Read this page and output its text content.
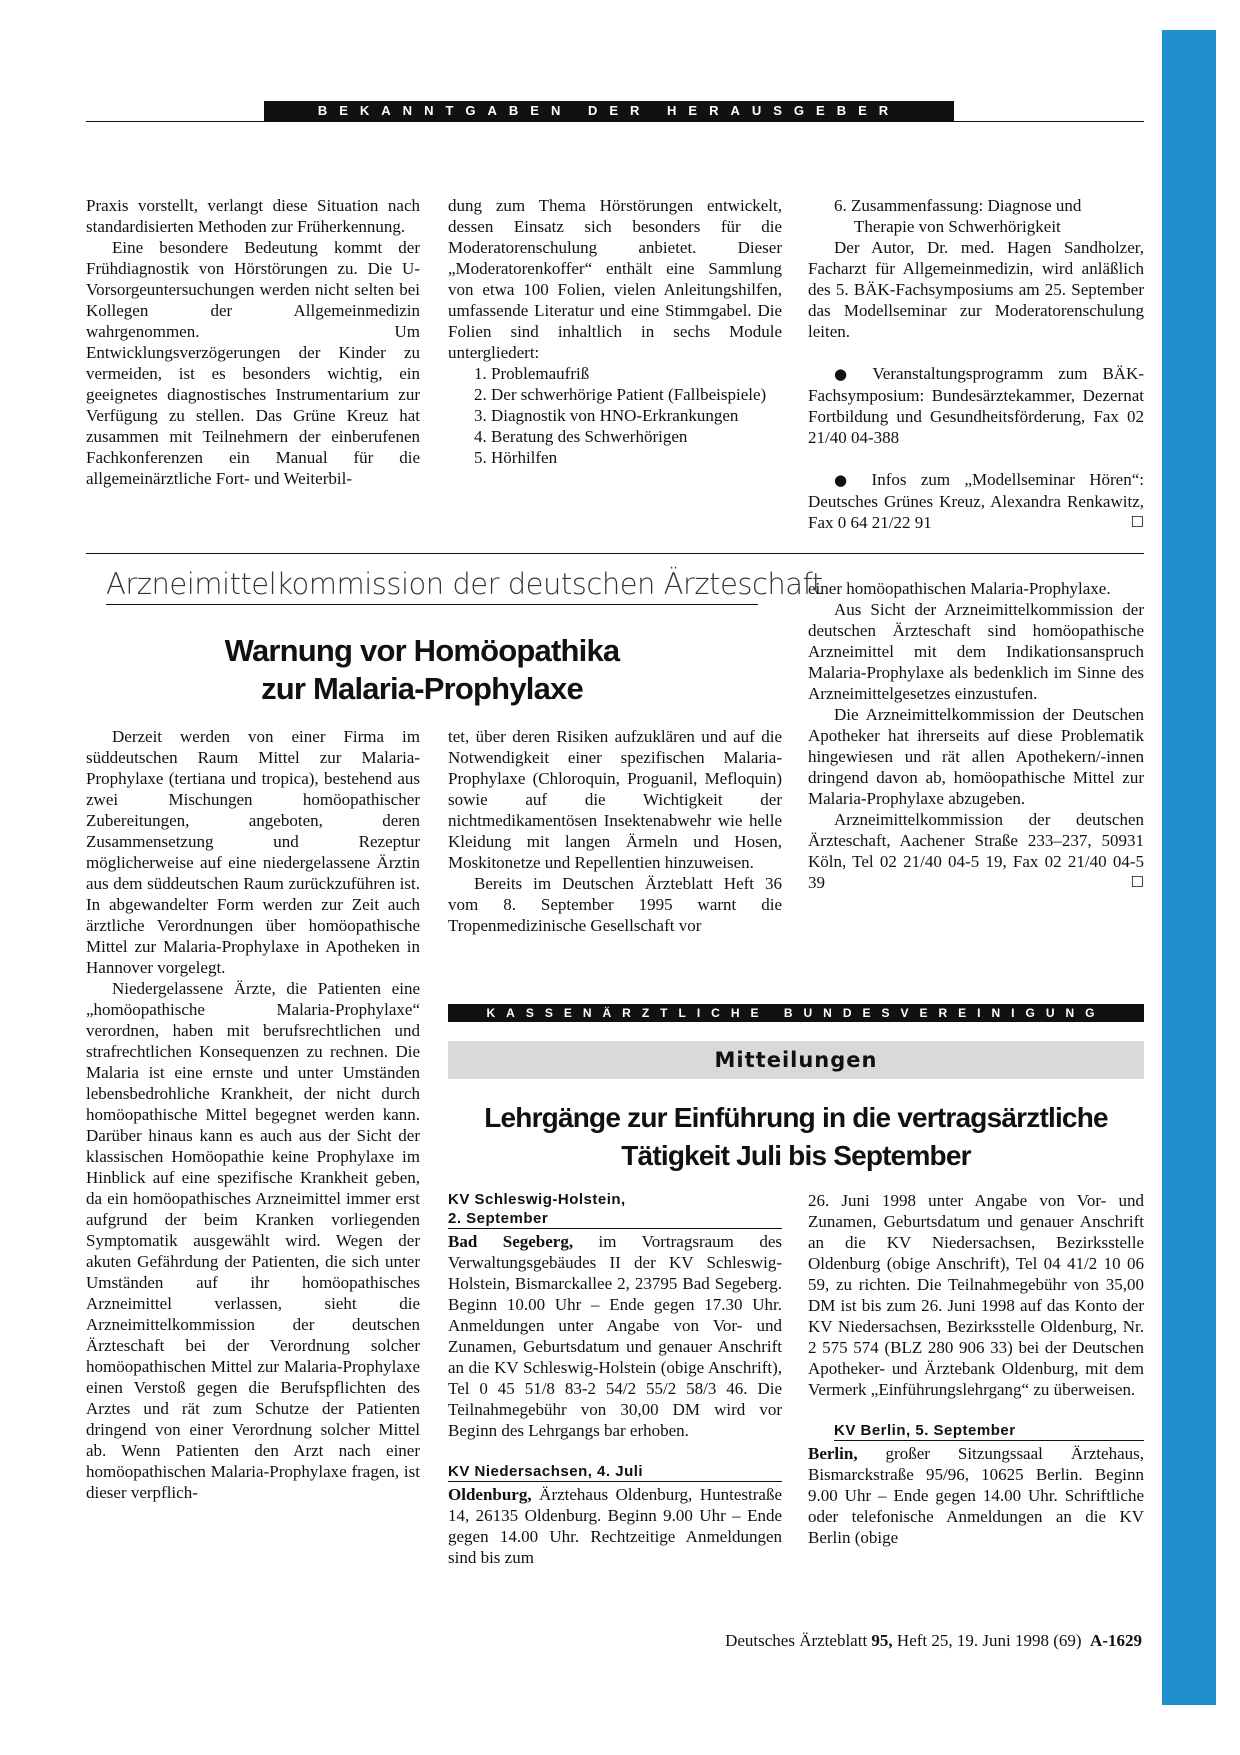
BEKANNTGABEN DER HERAUSGEBER

Praxis vorstellt, verlangt diese Situation nach standardisierten Methoden zur Früherkennung.

Eine besondere Bedeutung kommt der Frühdiagnostik von Hörstörungen zu. Die U-Vorsorgeuntersuchungen werden nicht selten bei Kollegen der Allgemeinmedizin wahrgenommen. Um Entwicklungsverzögerungen der Kinder zu vermeiden, ist es besonders wichtig, ein geeignetes diagnostisches Instrumentarium zur Verfügung zu stellen. Das Grüne Kreuz hat zusammen mit Teilnehmern der einberufenen Fachkonferenzen ein Manual für die allgemeinärztliche Fort- und Weiterbil-

dung zum Thema Hörstörungen entwickelt, dessen Einsatz sich besonders für die Moderatorenschulung anbietet. Dieser „Moderatorenkoffer“ enthält eine Sammlung von etwa 100 Folien, vielen Anleitungshilfen, umfassende Literatur und eine Stimmgabel. Die Folien sind inhaltlich in sechs Module untergliedert:

1. Problemaufriß
2. Der schwerhörige Patient (Fallbeispiele)
3. Diagnostik von HNO-Erkrankungen
4. Beratung des Schwerhörigen
5. Hörhilfen
6. Zusammenfassung: Diagnose und Therapie von Schwerhörigkeit

Der Autor, Dr. med. Hagen Sandholzer, Facharzt für Allgemeinmedizin, wird anläßlich des 5. BÄK-Fachsymposiums am 25. September das Modellseminar zur Moderatorenschulung leiten.

● Veranstaltungsprogramm zum BÄK-Fachsymposium: Bundesärztekammer, Dezernat Fortbildung und Gesundheitsförderung, Fax 02 21/40 04-388

● Infos zum „Modellseminar Hören“: Deutsches Grünes Kreuz, Alexandra Renkawitz, Fax 0 64 21/22 91	☐

Arzneimittelkommission der deutschen Ärzteschaft
Warnung vor Homöopathika
zur Malaria-Prophylaxe

Derzeit werden von einer Firma im süddeutschen Raum Mittel zur Malaria-Prophylaxe (tertiana und tropica), bestehend aus zwei Mischungen homöopathischer Zubereitungen, angeboten, deren Zusammensetzung und Rezeptur möglicherweise auf eine niedergelassene Ärztin aus dem süddeutschen Raum zurückzuführen ist. In abgewandelter Form werden zur Zeit auch ärztliche Verordnungen über homöopathische Mittel zur Malaria-Prophylaxe in Apotheken in Hannover vorgelegt.

Niedergelassene Ärzte, die Patienten eine „homöopathische Malaria-Prophylaxe“ verordnen, haben mit berufsrechtlichen und strafrechtlichen Konsequenzen zu rechnen. Die Malaria ist eine ernste und unter Umständen lebensbedrohliche Krankheit, der nicht durch homöopathische Mittel begegnet werden kann. Darüber hinaus kann es auch aus der Sicht der klassischen Homöopathie keine Prophylaxe im Hinblick auf eine spezifische Krankheit geben, da ein homöopathisches Arzneimittel immer erst aufgrund der beim Kranken vorliegenden Symptomatik ausgewählt wird. Wegen der akuten Gefährdung der Patienten, die sich unter Umständen auf ihr homöopathisches Arzneimittel verlassen, sieht die Arzneimittelkommission der deutschen Ärzteschaft bei der Verordnung solcher homöopathischen Mittel zur Malaria-Prophylaxe einen Verstoß gegen die Berufspflichten des Arztes und rät zum Schutze der Patienten dringend von einer Verordnung solcher Mittel ab. Wenn Patienten den Arzt nach einer homöopathischen Malaria-Prophylaxe fragen, ist dieser verpflich-

tet, über deren Risiken aufzuklären und auf die Notwendigkeit einer spezifischen Malaria-Prophylaxe (Chloroquin, Proguanil, Mefloquin) sowie auf die Wichtigkeit der nichtmedikamentösen Insektenabwehr wie helle Kleidung mit langen Ärmeln und Hosen, Moskitonetze und Repellentien hinzuweisen.

Bereits im Deutschen Ärzteblatt Heft 36 vom 8. September 1995 warnt die Tropenmedizinische Gesellschaft vor

einer homöopathischen Malaria-Prophylaxe.

Aus Sicht der Arzneimittelkommission der deutschen Ärzteschaft sind homöopathische Arzneimittel mit dem Indikationsanspruch Malaria-Prophylaxe als bedenklich im Sinne des Arzneimittelgesetzes einzustufen.

Die Arzneimittelkommission der Deutschen Apotheker hat ihrerseits auf diese Problematik hingewiesen und rät allen Apothekern/-innen dringend davon ab, homöopathische Mittel zur Malaria-Prophylaxe abzugeben.

Arzneimittelkommission der deutschen Ärzteschaft, Aachener Straße 233–237, 50931 Köln, Tel 02 21/40 04-5 19, Fax 02 21/40 04-5 39	☐

KASSENÄRZTLICHE BUNDESVEREINIGUNG
Mitteilungen
Lehrgänge zur Einführung in die vertragsärztliche
Tätigkeit Juli bis September
KV Schleswig-Holstein,
2. September

Bad Segeberg, im Vortragsraum des Verwaltungsgebäudes II der KV Schleswig-Holstein, Bismarckallee 2, 23795 Bad Segeberg. Beginn 10.00 Uhr – Ende gegen 17.30 Uhr. Anmeldungen unter Angabe von Vor- und Zunamen, Geburtsdatum und genauer Anschrift an die KV Schleswig-Holstein (obige Anschrift), Tel 0 45 51/8 83-2 54/2 55/2 58/3 46. Die Teilnahmegebühr von 30,00 DM wird vor Beginn des Lehrgangs bar erhoben.

KV Niedersachsen, 4. Juli

Oldenburg, Ärztehaus Oldenburg, Huntestraße 14, 26135 Oldenburg. Beginn 9.00 Uhr – Ende gegen 14.00 Uhr. Rechtzeitige Anmeldungen sind bis zum

26. Juni 1998 unter Angabe von Vor- und Zunamen, Geburtsdatum und genauer Anschrift an die KV Niedersachsen, Bezirksstelle Oldenburg (obige Anschrift), Tel 04 41/2 10 06 59, zu richten. Die Teilnahmegebühr von 35,00 DM ist bis zum 26. Juni 1998 auf das Konto der KV Niedersachsen, Bezirksstelle Oldenburg, Nr. 2 575 574 (BLZ 280 906 33) bei der Deutschen Apotheker- und Ärztebank Oldenburg, mit dem Vermerk „Einführungslehrgang“ zu überweisen.

KV Berlin, 5. September

Berlin, großer Sitzungssaal Ärztehaus, Bismarckstraße 95/96, 10625 Berlin. Beginn 9.00 Uhr – Ende gegen 14.00 Uhr. Schriftliche oder telefonische Anmeldungen an die KV Berlin (obige

Deutsches Ärzteblatt 95, Heft 25, 19. Juni 1998 (69) A-1629
